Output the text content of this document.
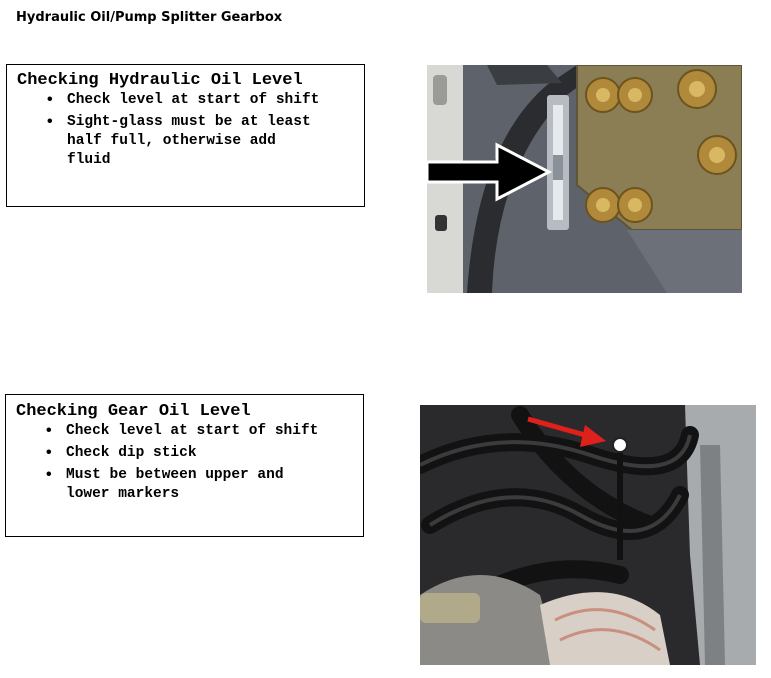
Hydraulic Oil/Pump Splitter Gearbox
Checking Hydraulic Oil Level
• Check level at start of shift
• Sight-glass must be at least half full, otherwise add fluid
Checking Gear Oil Level
• Check level at start of shift
• Check dip stick
• Must be between upper and lower markers
